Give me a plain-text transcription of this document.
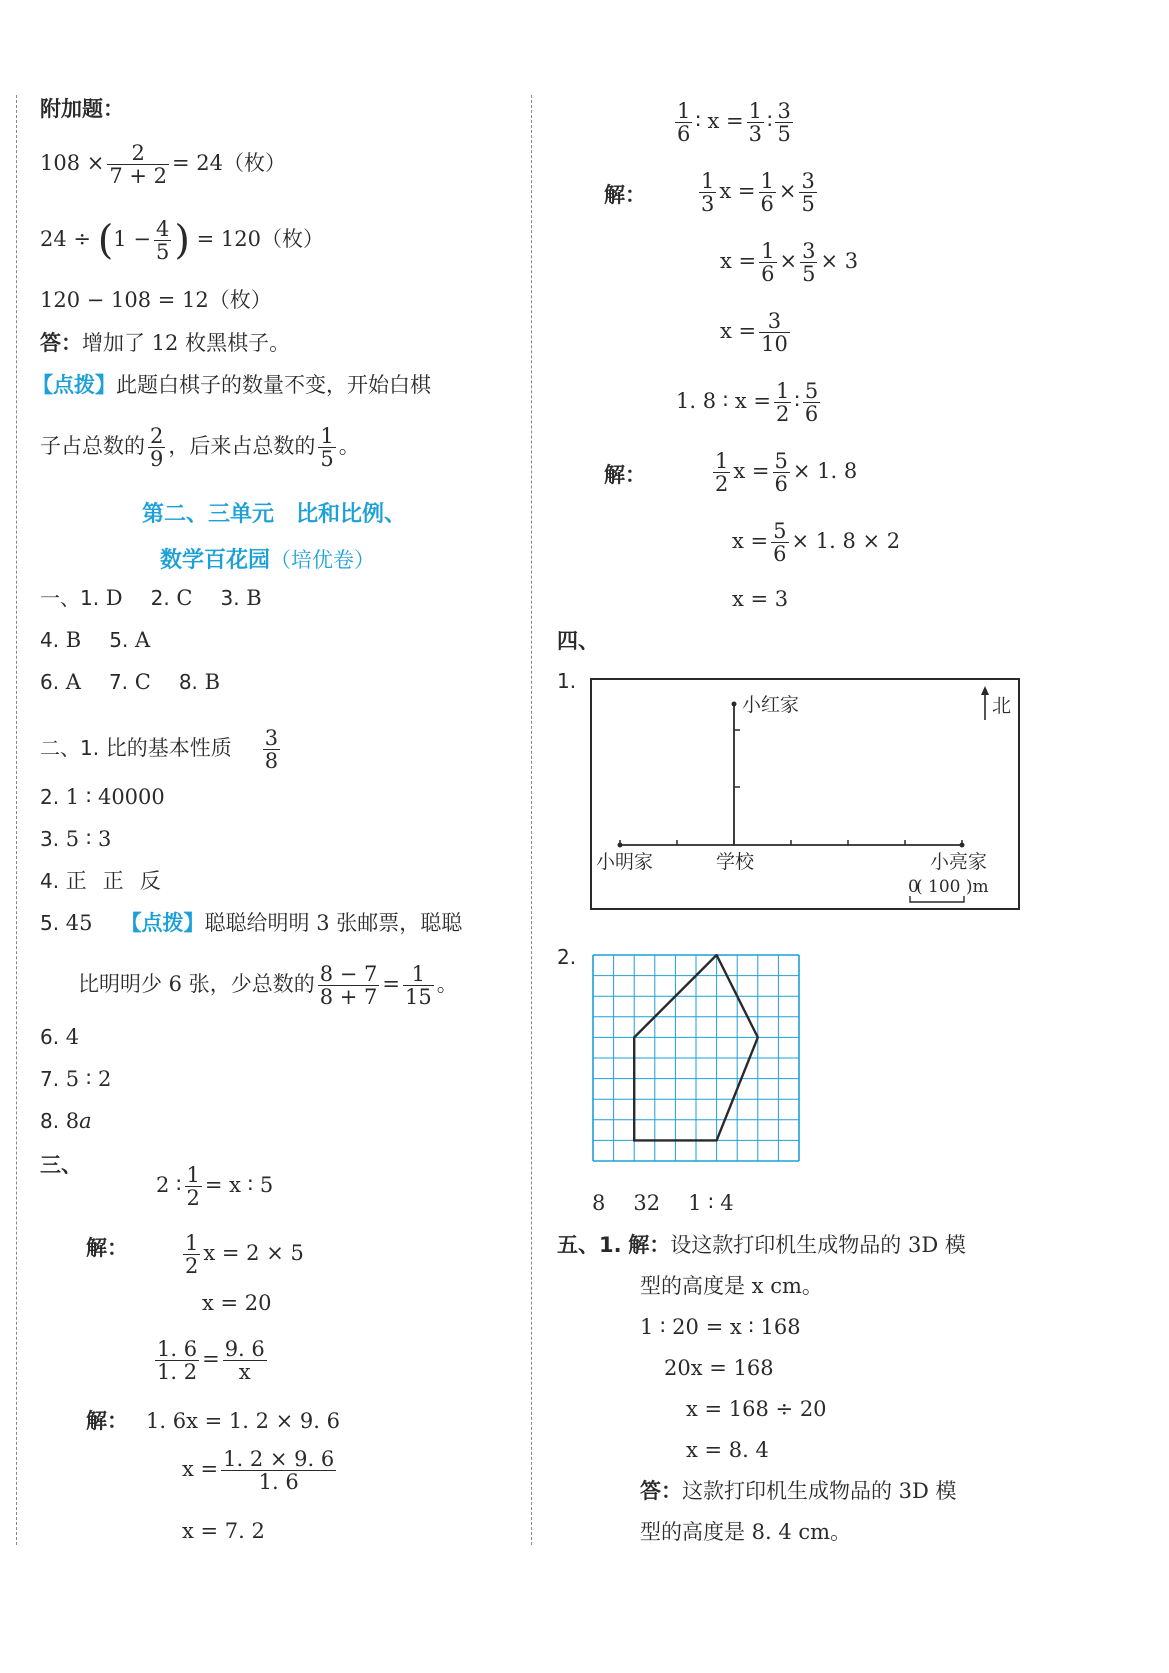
附加题：
$108 \times \frac{2}{7 + 2} = 24$（枚）
$24 \div (1 - \frac{4}{5}$ ) = 120（枚）
120 − 108 = 12（枚）
答：增加了 12 枚黑棋子。
【点拨】此题白棋子的数量不变，开始白棋
子占总数的 $\frac{2}{9}$ ，后来占总数的 $\frac{1}{5}$ 。
第二、三单元　比和比例、
数学百花园（培优卷）
一、1. D 2. C 3. B
4. B 5. A
6. A 7. C 8. B
二、1. 比的基本性质 $\frac{3}{8}$
2. 1 ∶ 40000
3. 5 ∶ 3
4. 正 正 反
5. 45 【点拨】聪聪给明明 3 张邮票，聪聪
比明明少 6 张，少总数的 $\frac{8 - 7}{8 + 7} = \frac{1}{15}$ 。
6. 4
7. 5 ∶ 2
8. 8a
三、
2 ∶ $\frac{1}{2} = x$ ∶ 5
解：	$\frac{1}{2}$ x = 2 × 5
x = 20
$\frac{1. 6}{1. 2} = \frac{9. 6}{x}$
解： 1. 6x = 1. 2 × 9. 6
$x = \frac{1. 2 \times 9. 6}{1. 6}$
x = 7. 2
$\frac{1}{6}$ ∶ $x = \frac{1}{3}$ ∶ $\frac{3}{5}$
解：	$\frac{1}{3}$ $x = \frac{1}{6} \times \frac{3}{5}$
$x = \frac{1}{6} \times \frac{3}{5} \times 3$
$x = \frac{3}{10}$
1. 8 ∶ $x = \frac{1}{2}$ ∶ $\frac{5}{6}$
解：	$\frac{1}{2}$ $x = \frac{5}{6} \times 1$. 8
$x = \frac{5}{6} \times 1$. 8 × 2
x = 3
四、
1.
小红家	北
小明家	学校	小亮家
0
( 100 )m
2.
8 32 1 ∶ 4
五、1. 解：设这款打印机生成物品的 3D 模
型的高度是 x cm。
1 ∶ 20 = x ∶ 168
20x = 168
x = 168 ÷ 20
x = 8. 4
答：这款打印机生成物品的 3D 模
型的高度是 8. 4 cm。
